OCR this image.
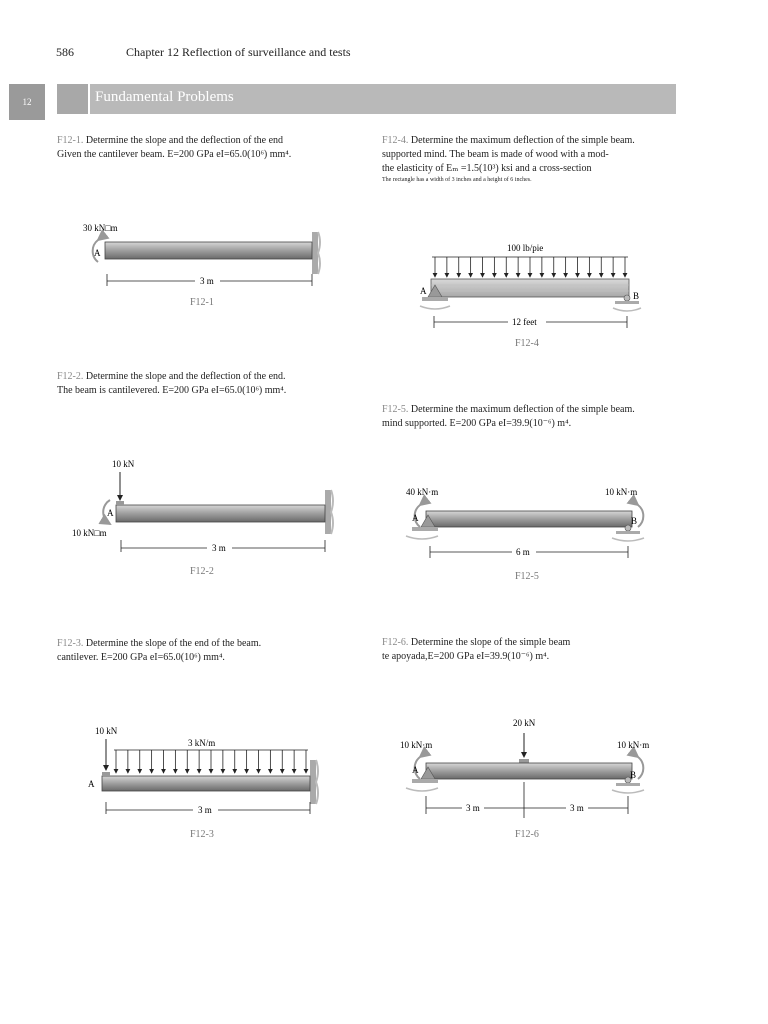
586	Chapter 12 Reflection of surveillance and tests
12	Fundamental Problems
F12-1. Determine the slope and the deflection of the end
Given the cantilever beam. E=200 GPa eI=65.0(10⁶) mm⁴.
F12-2. Determine the slope and the deflection of the end.
The beam is cantilevered. E=200 GPa eI=65.0(10⁶) mm⁴.
F12-3. Determine the slope of the end of the beam.
cantilever. E=200 GPa eI=65.0(10⁶) mm⁴.
F12-4. Determine the maximum deflection of the simple beam.
supported mind. The beam is made of wood with a mod-
the elasticity of Eₘ =1.5(10³) ksi and a cross-section
The rectangle has a width of 3 inches and a height of 6 inches.
F12-5. Determine the maximum deflection of the simple beam.
mind supported. E=200 GPa eI=39.9(10⁻⁶) m⁴.
F12-6. Determine the slope of the simple beam
te apoyada,E=200 GPa eI=39.9(10⁻⁶) m⁴.
30 kN□m
A
3 m
F12-1
10 kN
A
10 kN□m
3 m
F12-2
10 kN
3 kN/m
A
3 m
F12-3
100 lb/pie
A	B
12 feet
F12-4
40 kN·m	10 kN·m
A	B
6 m
F12-5
20 kN
10 kN·m	10 kN·m
A	B
3 m	3 m
F12-6
